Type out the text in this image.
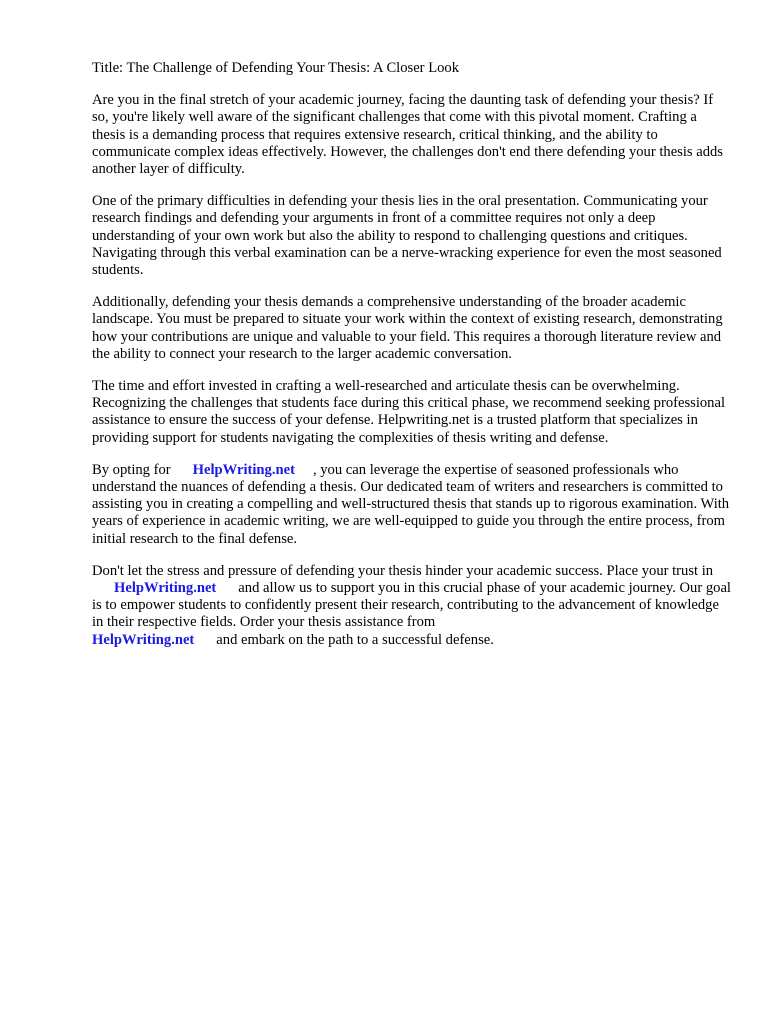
Title: The Challenge of Defending Your Thesis: A Closer Look

Are you in the final stretch of your academic journey, facing the daunting task of defending your thesis? If so, you're likely well aware of the significant challenges that come with this pivotal moment. Crafting a thesis is a demanding process that requires extensive research, critical thinking, and the ability to communicate complex ideas effectively. However, the challenges don't end there defending your thesis adds another layer of difficulty.

One of the primary difficulties in defending your thesis lies in the oral presentation. Communicating your research findings and defending your arguments in front of a committee requires not only a deep understanding of your own work but also the ability to respond to challenging questions and critiques. Navigating through this verbal examination can be a nerve-wracking experience for even the most seasoned students.

Additionally, defending your thesis demands a comprehensive understanding of the broader academic landscape. You must be prepared to situate your work within the context of existing research, demonstrating how your contributions are unique and valuable to your field. This requires a thorough literature review and the ability to connect your research to the larger academic conversation.

The time and effort invested in crafting a well-researched and articulate thesis can be overwhelming. Recognizing the challenges that students face during this critical phase, we recommend seeking professional assistance to ensure the success of your defense. Helpwriting.net is a trusted platform that specializes in providing support for students navigating the complexities of thesis writing and defense.

By opting for HelpWriting.net , you can leverage the expertise of seasoned professionals who understand the nuances of defending a thesis. Our dedicated team of writers and researchers is committed to assisting you in creating a compelling and well-structured thesis that stands up to rigorous examination. With years of experience in academic writing, we are well-equipped to guide you through the entire process, from initial research to the final defense.

Don't let the stress and pressure of defending your thesis hinder your academic success. Place your trust inHelpWriting.net and allow us to support you in this crucial phase of your academic journey. Our goal is to empower students to confidently present their research, contributing to the advancement of knowledge in their respective fields. Order your thesis assistance from
HelpWriting.net and embark on the path to a successful defense.
